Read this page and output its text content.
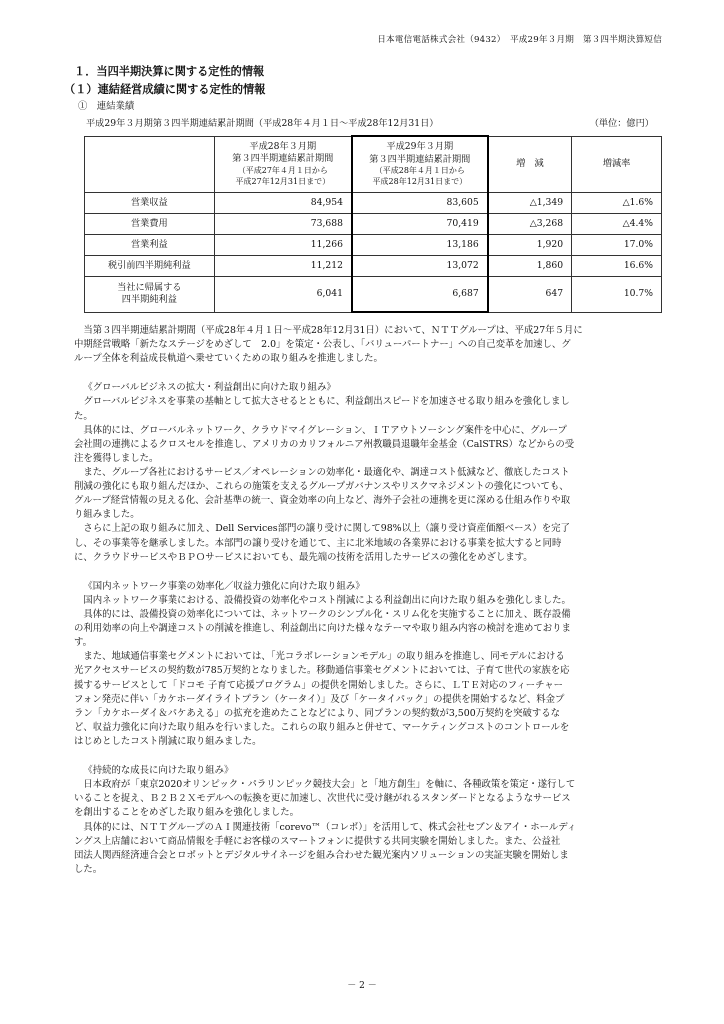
日本電信電話株式会社（9432）　平成29年３月期　第３四半期決算短信
１．当四半期決算に関する定性的情報
（１）連結経営成績に関する定性的情報
①　連結業績
平成29年３月期第３四半期連結累計期間（平成28年４月１日～平成28年12月31日）	（単位：億円）
	平成28年３月期
第３四半期連結累計期間
（平成27年４月１日から
平成27年12月31日まで）	平成29年３月期
第３四半期連結累計期間
（平成28年４月１日から
平成28年12月31日まで）	増　減	増減率
営業収益	84,954	83,605	△1,349	△1.6%
営業費用	73,688	70,419	△3,268	△4.4%
営業利益	11,266	13,186	1,920	17.0%
税引前四半期純利益	11,212	13,072	1,860	16.6%
当社に帰属する
四半期純利益	6,041	6,687	647	10.7%
当第３四半期連結累計期間（平成28年４月１日～平成28年12月31日）において、ＮＴＴグループは、平成27年５月に
中期経営戦略「新たなステージをめざして　2.0」を策定・公表し、「バリューパートナー」への自己変革を加速し、グ
ループ全体を利益成長軌道へ乗せていくための取り組みを推進しました。
《グローバルビジネスの拡大・利益創出に向けた取り組み》
グローバルビジネスを事業の基軸として拡大させるとともに、利益創出スピードを加速させる取り組みを強化しまし
た。
具体的には、グローバルネットワーク、クラウドマイグレーション、ＩＴアウトソーシング案件を中心に、グループ
会社間の連携によるクロスセルを推進し、アメリカのカリフォルニア州教職員退職年金基金（CalSTRS）などからの受
注を獲得しました。
また、グループ各社におけるサービス／オペレーションの効率化・最適化や、調達コスト低減など、徹底したコスト
削減の強化にも取り組んだほか、これらの施策を支えるグループガバナンスやリスクマネジメントの強化についても、
グループ経営情報の見える化、会計基準の統一、資金効率の向上など、海外子会社の連携を更に深める仕組み作りや取
り組みました。
さらに上記の取り組みに加え、Dell Services部門の譲り受けに関して98%以上（譲り受け資産価額ベース）を完了
し、その事業等を継承しました。本部門の譲り受けを通じて、主に北米地域の各業界における事業を拡大すると同時
に、クラウドサービスやＢＰＯサービスにおいても、最先端の技術を活用したサービスの強化をめざします。
《国内ネットワーク事業の効率化／収益力強化に向けた取り組み》
国内ネットワーク事業における、設備投資の効率化やコスト削減による利益創出に向けた取り組みを強化しました。
具体的には、設備投資の効率化については、ネットワークのシンプル化・スリム化を実施することに加え、既存設備
の利用効率の向上や調達コストの削減を推進し、利益創出に向けた様々なテーマや取り組み内容の検討を進めておりま
す。
また、地域通信事業セグメントにおいては、「光コラボレーションモデル」の取り組みを推進し、同モデルにおける
光アクセスサービスの契約数が785万契約となりました。移動通信事業セグメントにおいては、子育て世代の家族を応
援するサービスとして「ドコモ 子育て応援プログラム」の提供を開始しました。さらに、ＬＴＥ対応のフィーチャー
フォン発売に伴い「カケホーダイライトプラン（ケータイ）」及び「ケータイパック」の提供を開始するなど、料金プ
ラン「カケホーダイ＆パケあえる」の拡充を進めたことなどにより、同プランの契約数が3,500万契約を突破するな
ど、収益力強化に向けた取り組みを行いました。これらの取り組みと併せて、マーケティングコストのコントロールを
はじめとしたコスト削減に取り組みました。
《持続的な成長に向けた取り組み》
日本政府が「東京2020オリンピック・パラリンピック競技大会」と「地方創生」を軸に、各種政策を策定・遂行して
いることを捉え、Ｂ２Ｂ２Ｘモデルへの転換を更に加速し、次世代に受け継がれるスタンダードとなるようなサービス
を創出することをめざした取り組みを強化しました。
具体的には、ＮＴＴグループのＡＩ関連技術「corevo™（コレボ）」を活用して、株式会社セブン＆アイ・ホールディ
ングス上店舗において商品情報を手軽にお客様のスマートフォンに提供する共同実験を開始しました。また、公益社
団法人関西経済連合会とロボットとデジタルサイネージを組み合わせた観光案内ソリューションの実証実験を開始しま
した。
－ 2 －
